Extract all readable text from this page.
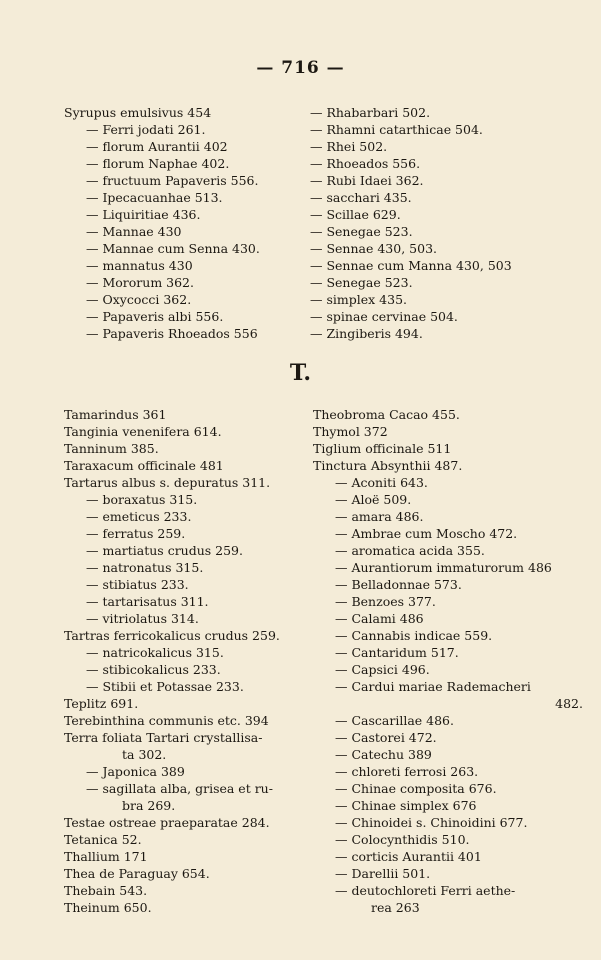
— 716 —
Syrupus emulsivus 454
— Ferri jodati 261.
— florum Aurantii 402
— florum Naphae 402.
— fructuum Papaveris 556.
— Ipecacuanhae 513.
— Liquiritiae 436.
— Mannae 430
— Mannae cum Senna 430.
— mannatus 430
— Mororum 362.
— Oxycocci 362.
— Papaveris albi 556.
— Papaveris Rhoeados 556
— Rhabarbari 502.
— Rhamni catarthicae 504.
— Rhei 502.
— Rhoeados 556.
— Rubi Idaei 362.
— sacchari 435.
— Scillae 629.
— Senegae 523.
— Sennae 430, 503.
— Sennae cum Manna 430, 503
— Senegae 523.
— simplex 435.
— spinae cervinae 504.
— Zingiberis 494.
T.
Tamarindus 361
Tanginia venenifera 614.
Tanninum 385.
Taraxacum officinale 481
Tartarus albus s. depuratus 311.
— boraxatus 315.
— emeticus 233.
— ferratus 259.
— martiatus crudus 259.
— natronatus 315.
— stibiatus 233.
— tartarisatus 311.
— vitriolatus 314.
Tartras ferricokalicus crudus 259.
— natricokalicus 315.
— stibicokalicus 233.
— Stibii et Potassae 233.
Teplitz 691.
Terebinthina communis etc. 394
Terra foliata Tartari crystallisa-
ta 302.
— Japonica 389
— sagillata alba, grisea et ru-
bra 269.
Testae ostreae praeparatae 284.
Tetanica 52.
Thallium 171
Thea de Paraguay 654.
Thebain 543.
Theinum 650.
Theobroma Cacao 455.
Thymol 372
Tiglium officinale 511
Tinctura Absynthii 487.
— Aconiti 643.
— Aloë 509.
— amara 486.
— Ambrae cum Moscho 472.
— aromatica acida 355.
— Aurantiorum immaturorum 486
— Belladonnae 573.
— Benzoes 377.
— Calami 486
— Cannabis indicae 559.
— Cantaridum 517.
— Capsici 496.
— Cardui mariae Rademacheri
482.
— Cascarillae 486.
— Castorei 472.
— Catechu 389
— chloreti ferrosi 263.
— Chinae composita 676.
— Chinae simplex 676
— Chinoidei s. Chinoidini 677.
— Colocynthidis 510.
— corticis Aurantii 401
— Darellii 501.
— deutochloreti Ferri aethe-
rea 263
